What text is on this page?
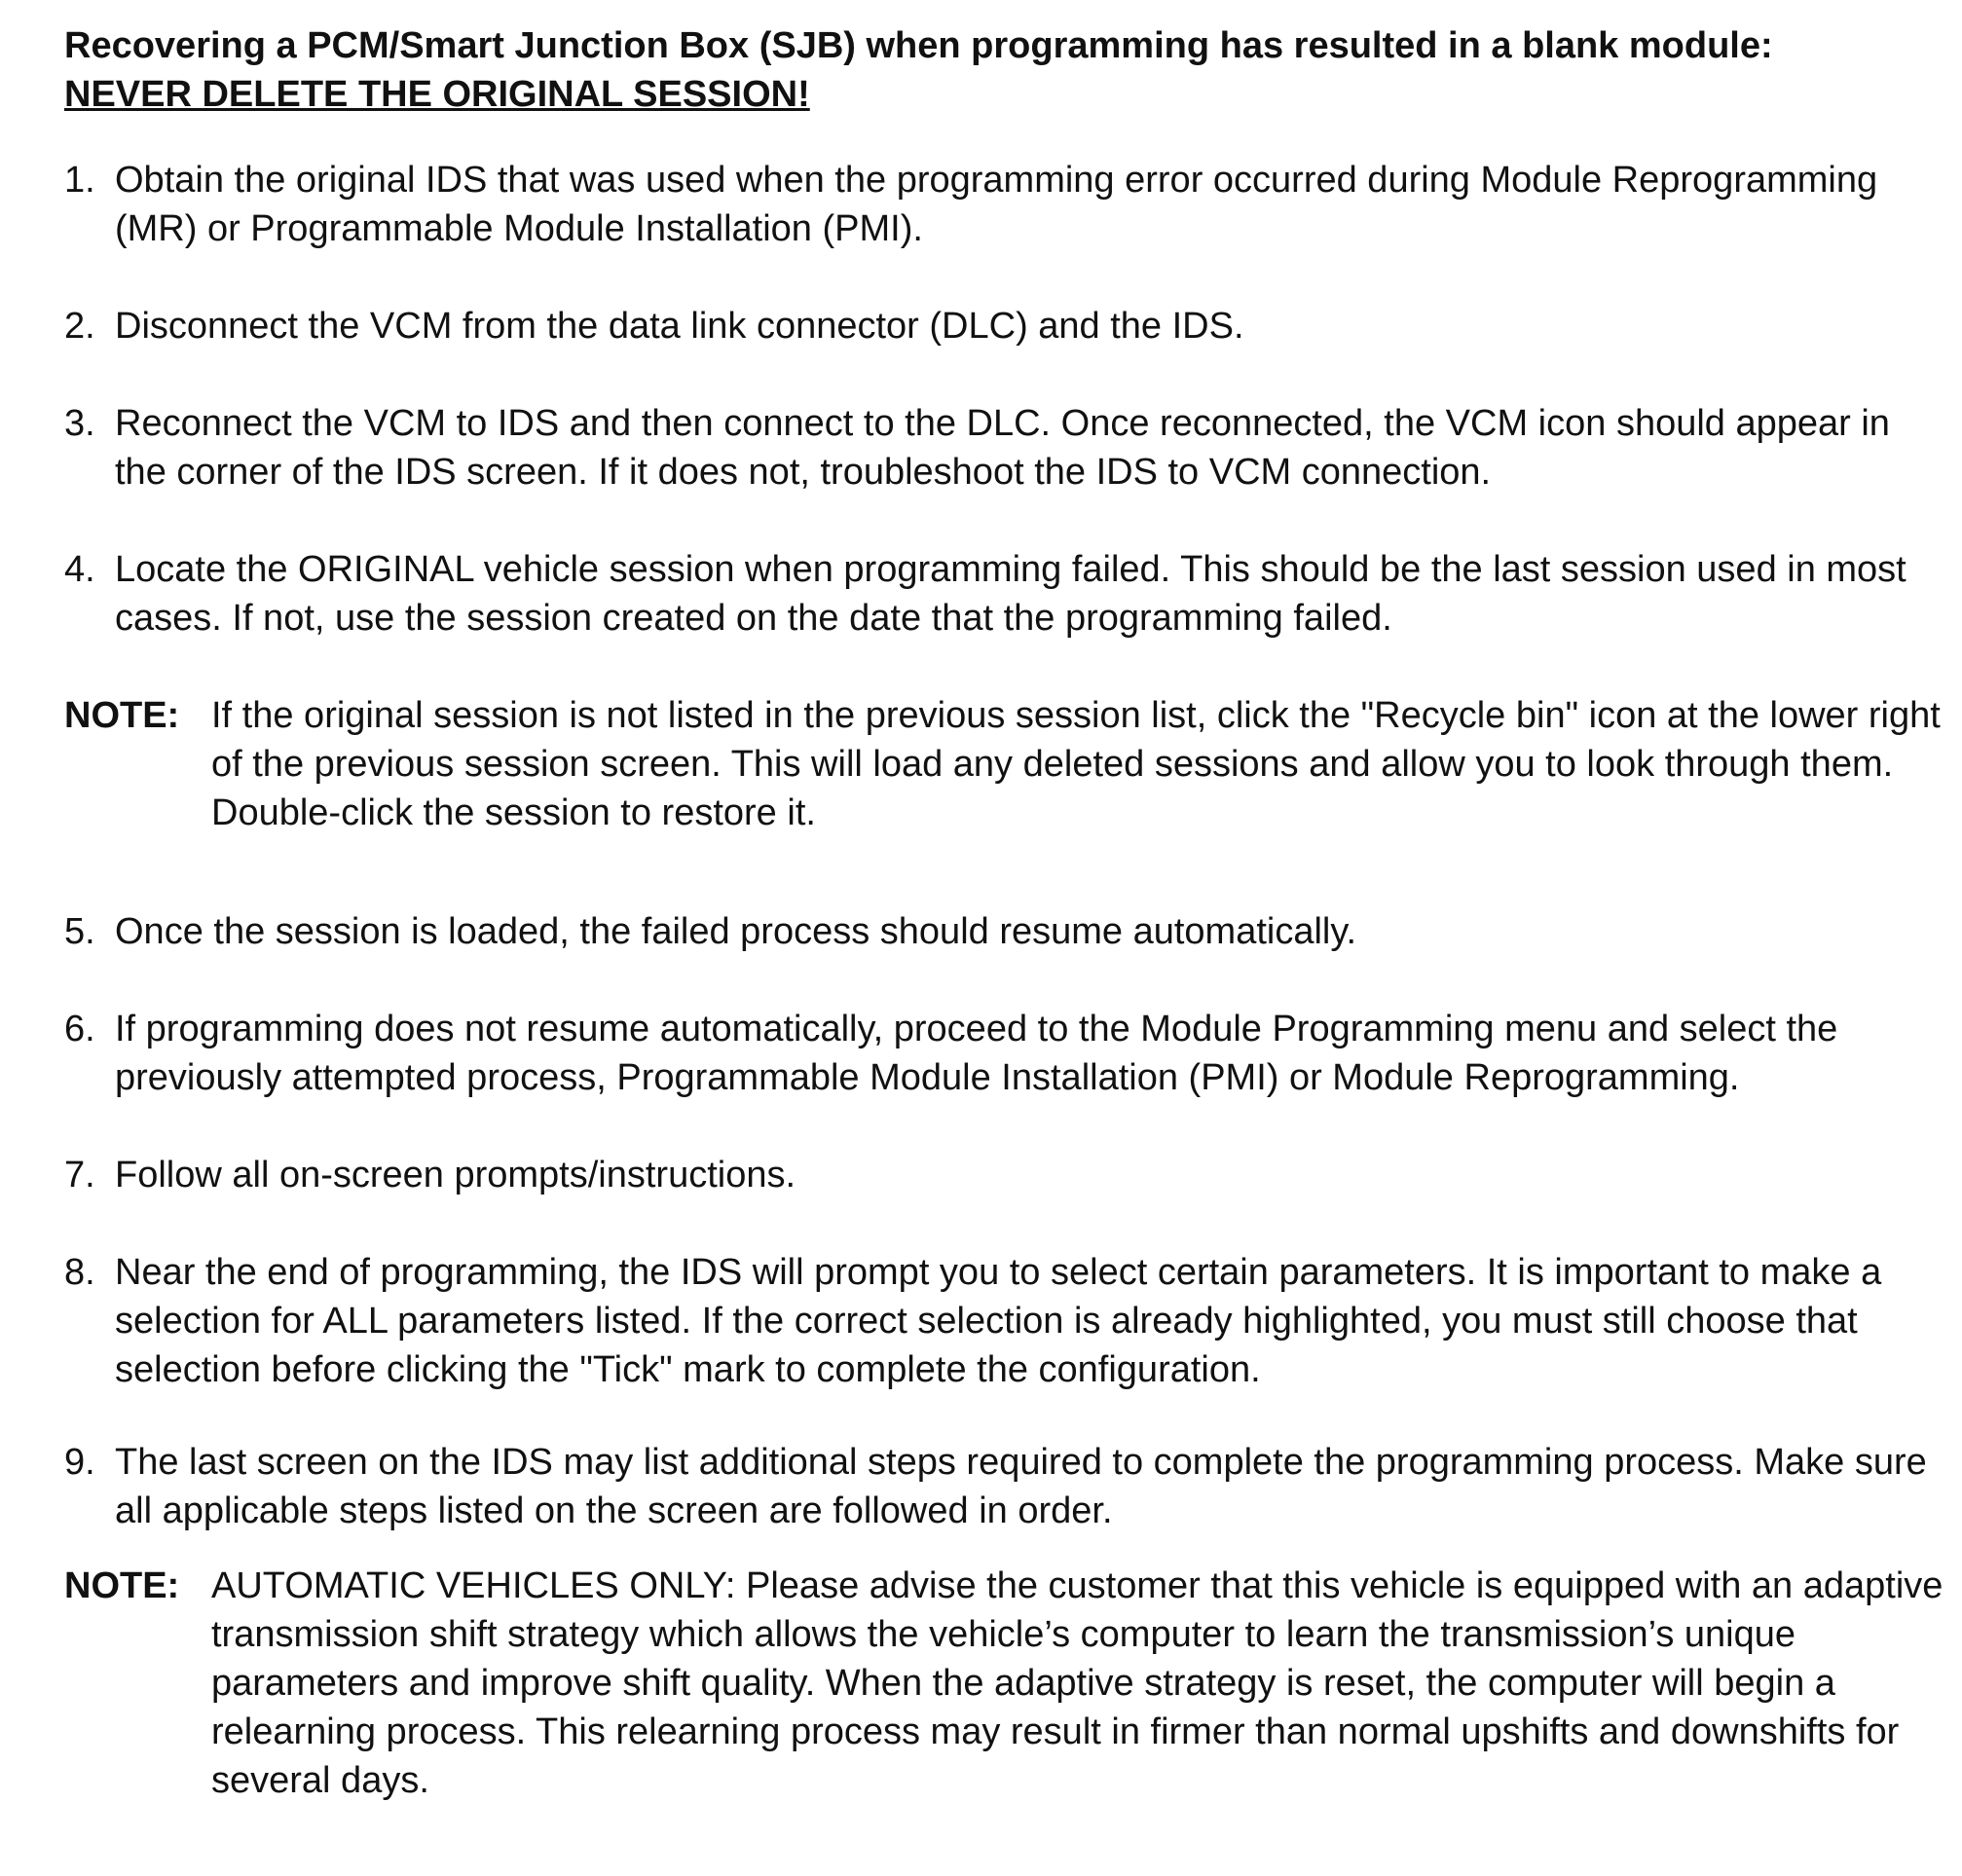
Recovering a PCM/Smart Junction Box (SJB) when programming has resulted in a blank module:

NEVER DELETE THE ORIGINAL SESSION!

1. Obtain the original IDS that was used when the programming error occurred during Module Reprogramming (MR) or Programmable Module Installation (PMI).
2. Disconnect the VCM from the data link connector (DLC) and the IDS.
3. Reconnect the VCM to IDS and then connect to the DLC. Once reconnected, the VCM icon should appear in the corner of the IDS screen. If it does not, troubleshoot the IDS to VCM connection.
4. Locate the ORIGINAL vehicle session when programming failed. This should be the last session used in most cases. If not, use the session created on the date that the programming failed.
NOTE: If the original session is not listed in the previous session list, click the "Recycle bin" icon at the lower right of the previous session screen. This will load any deleted sessions and allow you to look through them. Double-click the session to restore it.
5. Once the session is loaded, the failed process should resume automatically.
6. If programming does not resume automatically, proceed to the Module Programming menu and select the previously attempted process, Programmable Module Installation (PMI) or Module Reprogramming.
7. Follow all on-screen prompts/instructions.
8. Near the end of programming, the IDS will prompt you to select certain parameters. It is important to make a selection for ALL parameters listed. If the correct selection is already highlighted, you must still choose that selection before clicking the "Tick" mark to complete the configuration.
9. The last screen on the IDS may list additional steps required to complete the programming process. Make sure all applicable steps listed on the screen are followed in order.
NOTE: AUTOMATIC VEHICLES ONLY: Please advise the customer that this vehicle is equipped with an adaptive transmission shift strategy which allows the vehicle’s computer to learn the transmission’s unique parameters and improve shift quality. When the adaptive strategy is reset, the computer will begin a relearning process. This relearning process may result in firmer than normal upshifts and downshifts for several days.
